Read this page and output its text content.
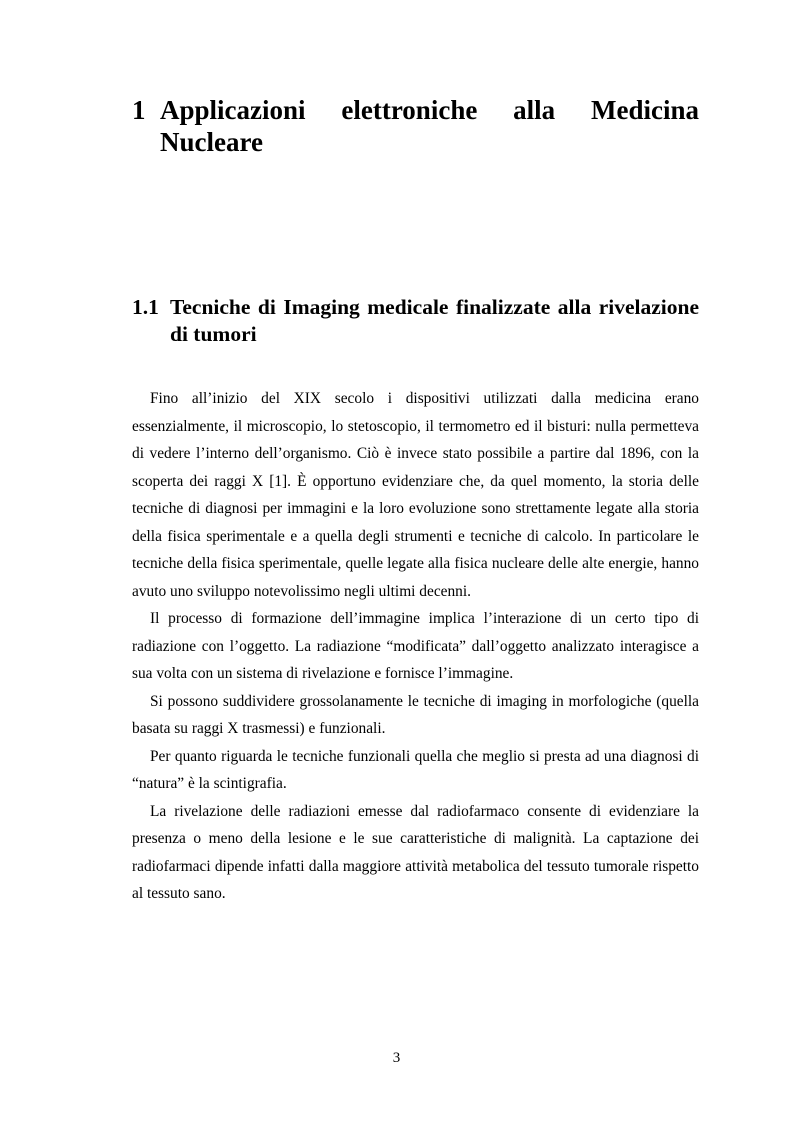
1 Applicazioni elettroniche alla Medicina
Nucleare
1.1 Tecniche di Imaging medicale finalizzate alla rivelazione
di tumori

Fino all’inizio del XIX secolo i dispositivi utilizzati dalla medicina erano essenzialmente, il microscopio, lo stetoscopio, il termometro ed il bisturi: nulla permetteva di vedere l’interno dell’organismo. Ciò è invece stato possibile a partire dal 1896, con la scoperta dei raggi X [1]. È opportuno evidenziare che, da quel momento, la storia delle tecniche di diagnosi per immagini e la loro evoluzione sono strettamente legate alla storia della fisica sperimentale e a quella degli strumenti e tecniche di calcolo. In particolare le tecniche della fisica sperimentale, quelle legate alla fisica nucleare delle alte energie, hanno avuto uno sviluppo notevolissimo negli ultimi decenni.

Il processo di formazione dell’immagine implica l’interazione di un certo tipo di radiazione con l’oggetto. La radiazione “modificata” dall’oggetto analizzato interagisce a sua volta con un sistema di rivelazione e fornisce l’immagine.

Si possono suddividere grossolanamente le tecniche di imaging in morfologiche (quella basata su raggi X trasmessi) e funzionali.

Per quanto riguarda le tecniche funzionali quella che meglio si presta ad una diagnosi di “natura” è la scintigrafia.

La rivelazione delle radiazioni emesse dal radiofarmaco consente di evidenziare la presenza o meno della lesione e le sue caratteristiche di malignità. La captazione dei radiofarmaci dipende infatti dalla maggiore attività metabolica del tessuto tumorale rispetto al tessuto sano.

3
